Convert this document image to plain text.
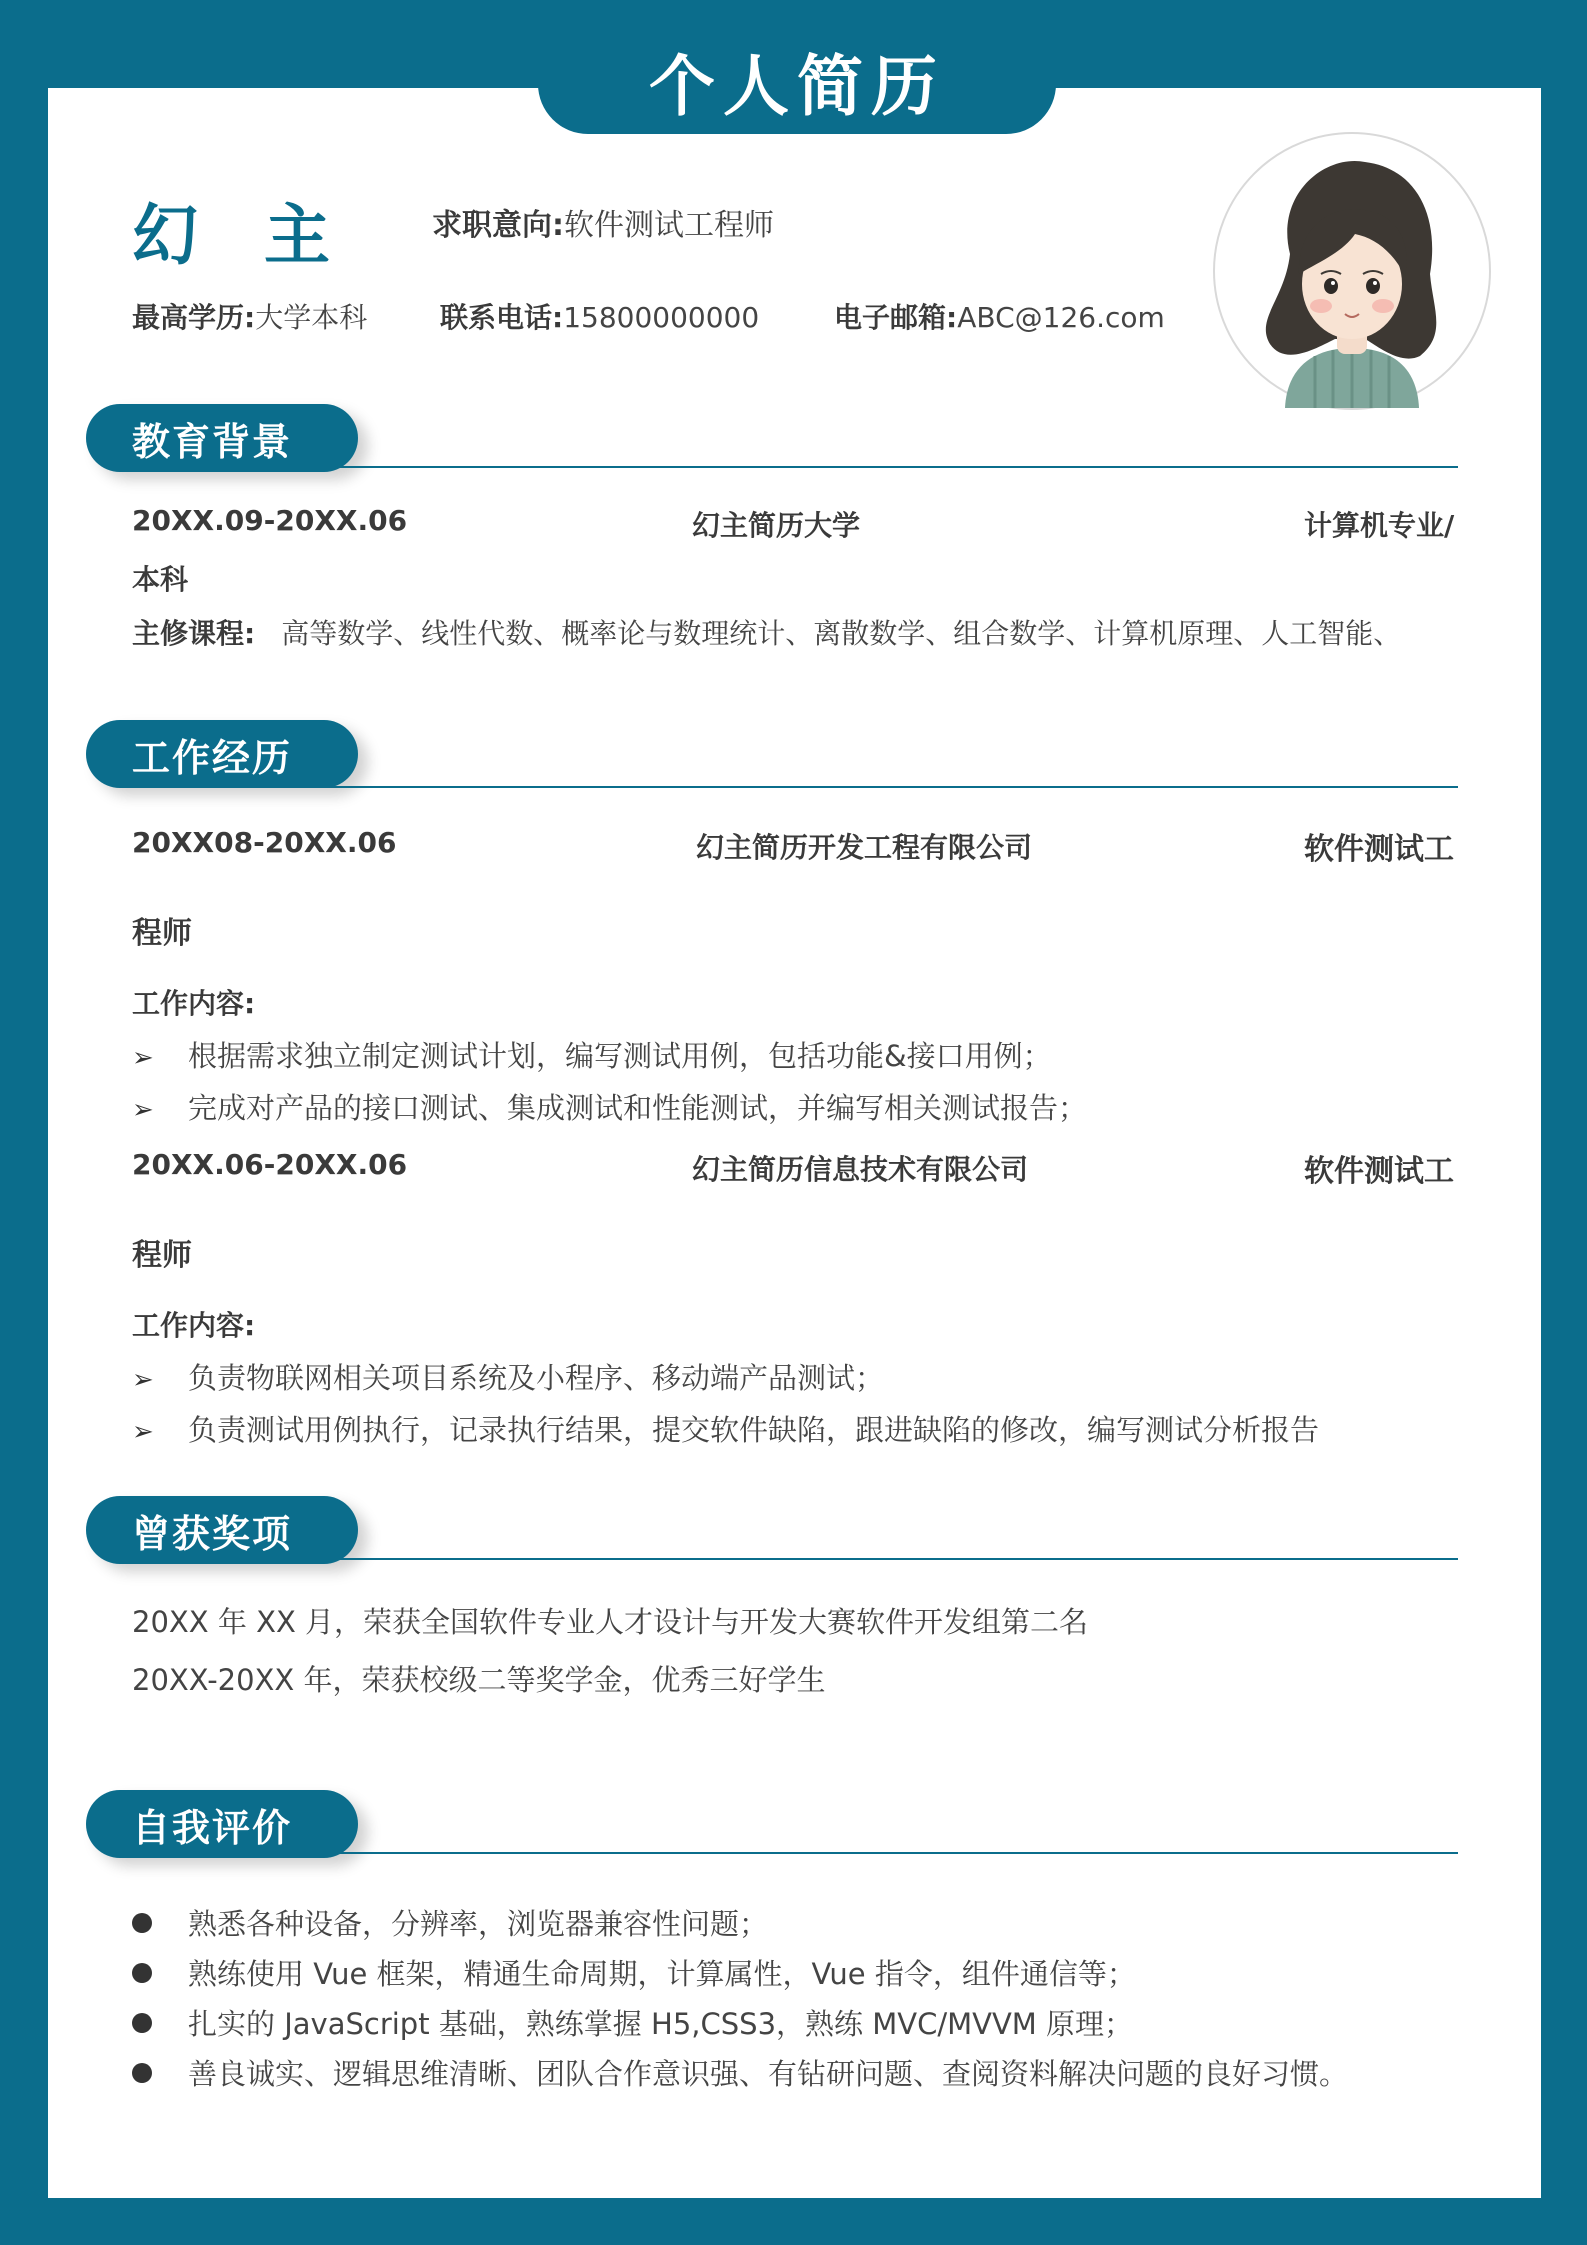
个人简历
幻主 求职意向:软件测试工程师
最高学历:大学本科	联系电话:15800000000	电子邮箱:ABC@126.com
教育背景
20XX.09-20XX.06	幻主简历大学	计算机专业/
本科
主修课程: 高等数学、线性代数、概率论与数理统计、离散数学、组合数学、计算机原理、人工智能、
工作经历
20XX08-20XX.06	幻主简历开发工程有限公司	软件测试工
程师
工作内容:
➢ 根据需求独立制定测试计划，编写测试用例，包括功能&接口用例；
➢ 完成对产品的接口测试、集成测试和性能测试，并编写相关测试报告；
20XX.06-20XX.06	幻主简历信息技术有限公司	软件测试工
程师
工作内容:
➢ 负责物联网相关项目系统及小程序、移动端产品测试；
➢ 负责测试用例执行，记录执行结果，提交软件缺陷，跟进缺陷的修改，编写测试分析报告
曾获奖项
20XX 年 XX 月，荣获全国软件专业人才设计与开发大赛软件开发组第二名
20XX-20XX 年，荣获校级二等奖学金，优秀三好学生
自我评价
熟悉各种设备，分辨率，浏览器兼容性问题；
熟练使用 Vue 框架，精通生命周期，计算属性，Vue 指令，组件通信等；
扎实的 JavaScript 基础，熟练掌握 H5,CSS3，熟练 MVC/MVVM 原理；
善良诚实、逻辑思维清晰、团队合作意识强、有钻研问题、查阅资料解决问题的良好习惯。
